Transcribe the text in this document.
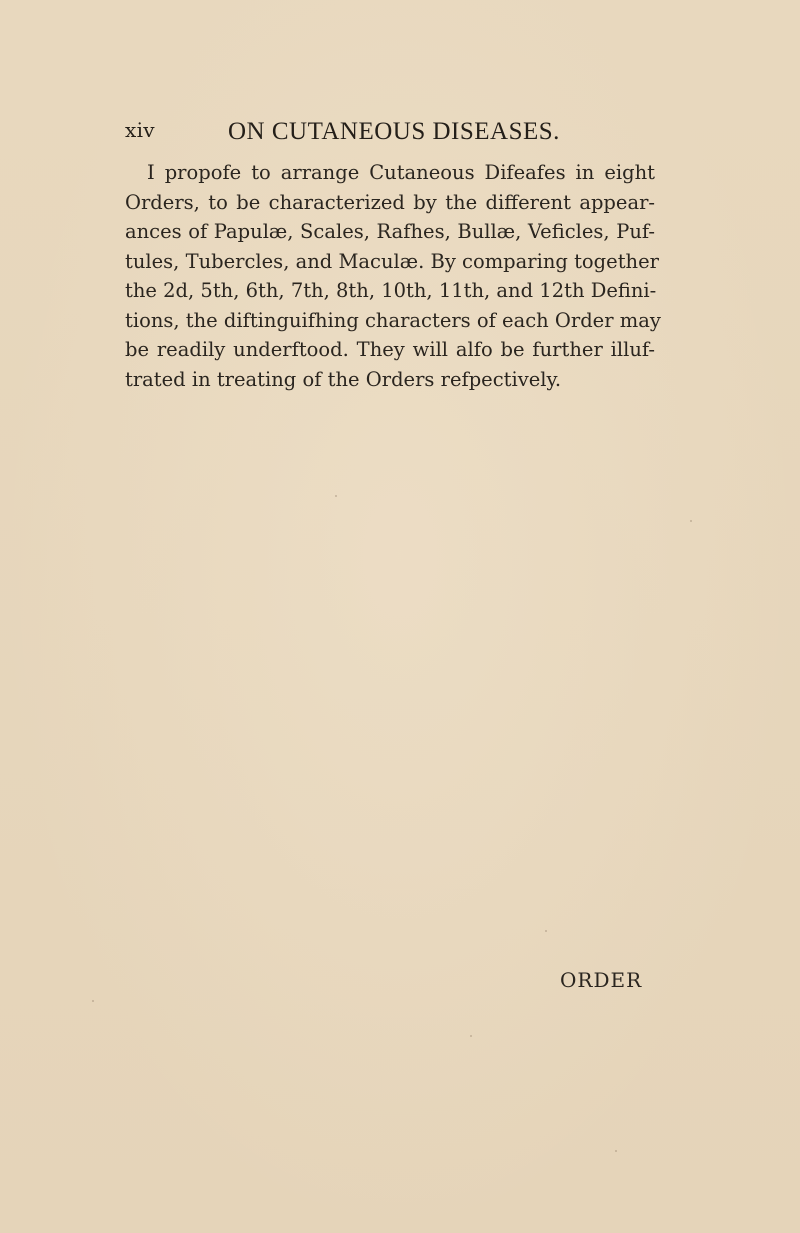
xiv	ON CUTANEOUS DISEASES.
I propofe to arrange Cutaneous Difeafes in eight
Orders, to be characterized by the different appear-
ances of Papulæ, Scales, Rafhes, Bullæ, Veficles, Puf-
tules, Tubercles, and Maculæ. By comparing together
the 2d, 5th, 6th, 7th, 8th, 10th, 11th, and 12th Defini-
tions, the diftinguifhing characters of each Order may
be readily underftood. They will alfo be further illuf-
trated in treating of the Orders refpectively.
ORDER
